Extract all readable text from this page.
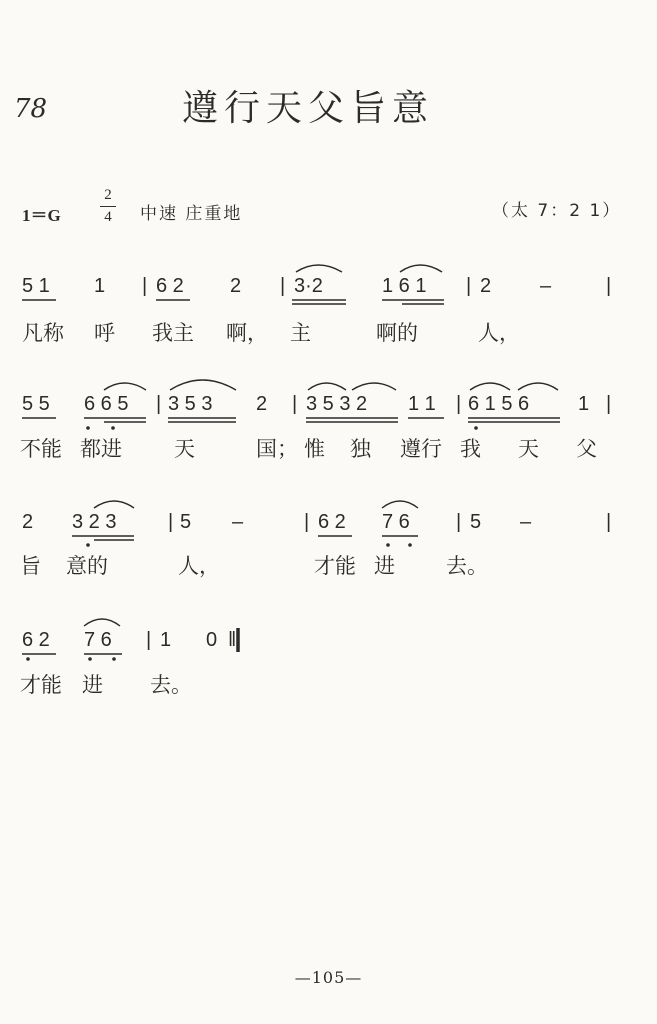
78	遵行天父旨意
1＝G
2
4 中速 庄重地	（太 7：2 1）
5 1 1 | 6 2 2 | 3·2	1 6 1 | 2 –	|
凡称 呼 我主 啊， 主	啊的	人，
5 5 6 6 5 | 3 5 3 2 | 3 5 3 2 1 1 | 6 1 5 6 1 |
不能 都进 天	国； 惟 独 遵行 我 天 父
2 3 2 3	| 5 –	| 6 2 7 6 | 5 –	|
旨 意的	人，	才能 进 去。
6 2 7 6 | 1 0 ‖
才能 进 去。
—105—
